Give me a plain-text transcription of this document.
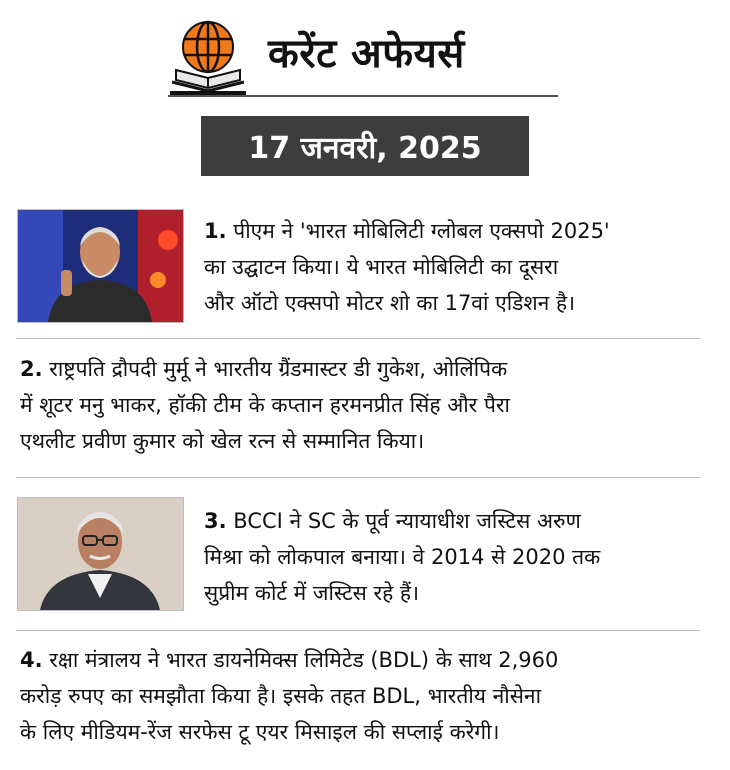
करेंट अफेयर्स
17 जनवरी, 2025
1. पीएम ने 'भारत मोबिलिटी ग्लोबल एक्सपो 2025'
का उद्घाटन किया। ये भारत मोबिलिटी का दूसरा
और ऑटो एक्सपो मोटर शो का 17वां एडिशन है।
2. राष्ट्रपति द्रौपदी मुर्मू ने भारतीय ग्रैंडमास्टर डी गुकेश, ओलिंपिक
में शूटर मनु भाकर, हॉकी टीम के कप्तान हरमनप्रीत सिंह और पैरा
एथलीट प्रवीण कुमार को खेल रत्न से सम्मानित किया।
3. BCCI ने SC के पूर्व न्यायाधीश जस्टिस अरुण
मिश्रा को लोकपाल बनाया। वे 2014 से 2020 तक
सुप्रीम कोर्ट में जस्टिस रहे हैं।
4. रक्षा मंत्रालय ने भारत डायनेमिक्स लिमिटेड (BDL) के साथ 2,960
करोड़ रुपए का समझौता किया है। इसके तहत BDL, भारतीय नौसेना
के लिए मीडियम-रेंज सरफेस टू एयर मिसाइल की सप्लाई करेगी।
